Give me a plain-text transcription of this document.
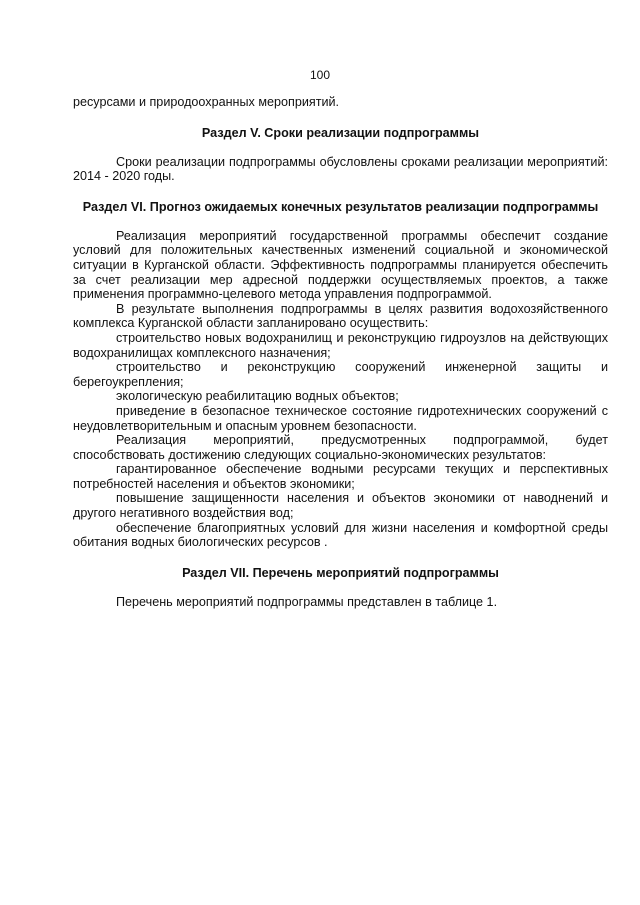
100

ресурсами и природоохранных мероприятий.

Раздел V. Сроки реализации подпрограммы

Сроки реализации подпрограммы обусловлены сроками реализации мероприятий: 2014 - 2020 годы.

Раздел VI. Прогноз ожидаемых конечных результатов реализации подпрограммы

Реализация мероприятий государственной программы обеспечит создание условий для положительных качественных изменений социальной и экономической ситуации в Курганской области. Эффективность подпрограммы планируется обеспечить за счет реализации мер адресной поддержки осуществляемых проектов, а также применения программно-целевого метода управления подпрограммой.

В результате выполнения подпрограммы в целях развития водохозяйственного комплекса Курганской области запланировано осуществить:

строительство новых водохранилищ и реконструкцию гидроузлов на действующих водохранилищах комплексного назначения;

строительство и реконструкцию сооружений инженерной защиты и берегоукрепления;

экологическую реабилитацию водных объектов;

приведение в безопасное техническое состояние гидротехнических сооружений с неудовлетворительным и опасным уровнем безопасности.

Реализация мероприятий, предусмотренных подпрограммой, будет способствовать достижению следующих социально-экономических результатов:

гарантированное обеспечение водными ресурсами текущих и перспективных потребностей населения и объектов экономики;

повышение защищенности населения и объектов экономики от наводнений и другого негативного воздействия вод;

обеспечение благоприятных условий для жизни населения и комфортной среды обитания водных биологических ресурсов .

Раздел VII. Перечень мероприятий подпрограммы

Перечень мероприятий подпрограммы представлен в таблице 1.
